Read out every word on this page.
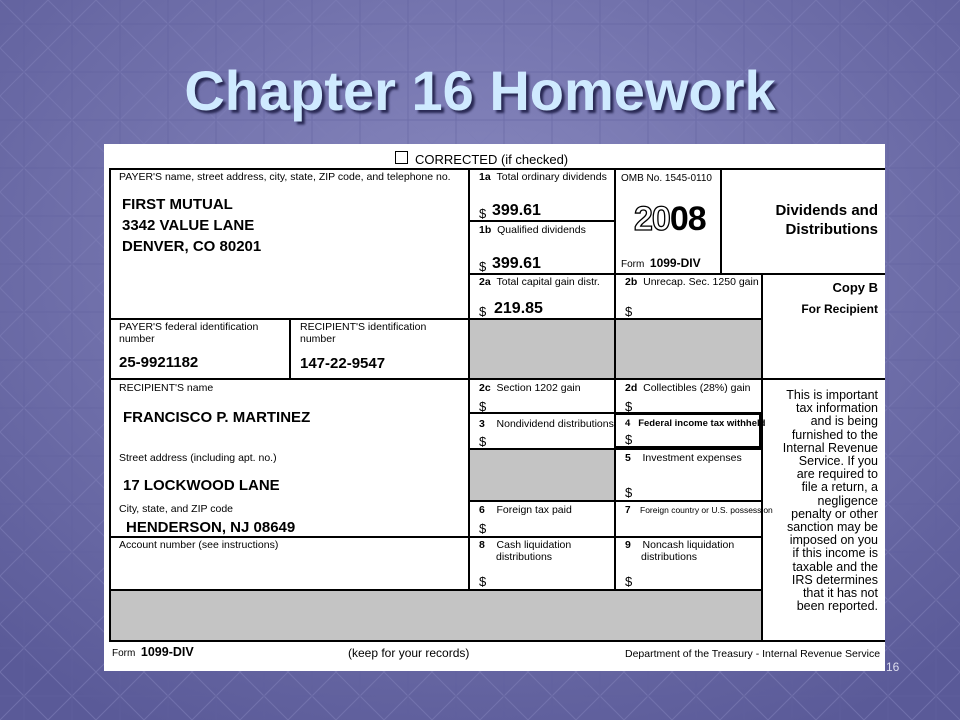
Chapter 16 Homework
CORRECTED (if checked)
PAYER'S name, street address, city, state, ZIP code, and telephone no.
FIRST MUTUAL
3342 VALUE LANE
DENVER, CO 80201
1a Total ordinary dividends
$ 399.61
1b Qualified dividends
$ 399.61
OMB No. 1545-0110
2008
Form 1099-DIV
Dividends and
Distributions
2a Total capital gain distr.
$ 219.85
2b Unrecap. Sec. 1250 gain
$
Copy B
For Recipient
PAYER'S federal identification number
25-9921182
RECIPIENT'S identification number
147-22-9547
RECIPIENT'S name
FRANCISCO P. MARTINEZ
2c Section 1202 gain
$
2d Collectibles (28%) gain
$
3 Nondividend distributions
$
4 Federal income tax withheld
$
Street address (including apt. no.)
17 LOCKWOOD LANE
5 Investment expenses
$
City, state, and ZIP code
HENDERSON, NJ 08649
6 Foreign tax paid
$
7 Foreign country or U.S. possession
Account number (see instructions)	8 Cash liquidation
distributions
$
9 Noncash liquidation
distributions
$
This is important
tax information
and is being
furnished to the
Internal Revenue
Service. If you
are required to
file a return, a
negligence
penalty or other
sanction may be
imposed on you
if this income is
taxable and the
IRS determines
that it has not
been reported.
Form 1099-DIV	(keep for your records)	Department of the Treasury - Internal Revenue Service
16
